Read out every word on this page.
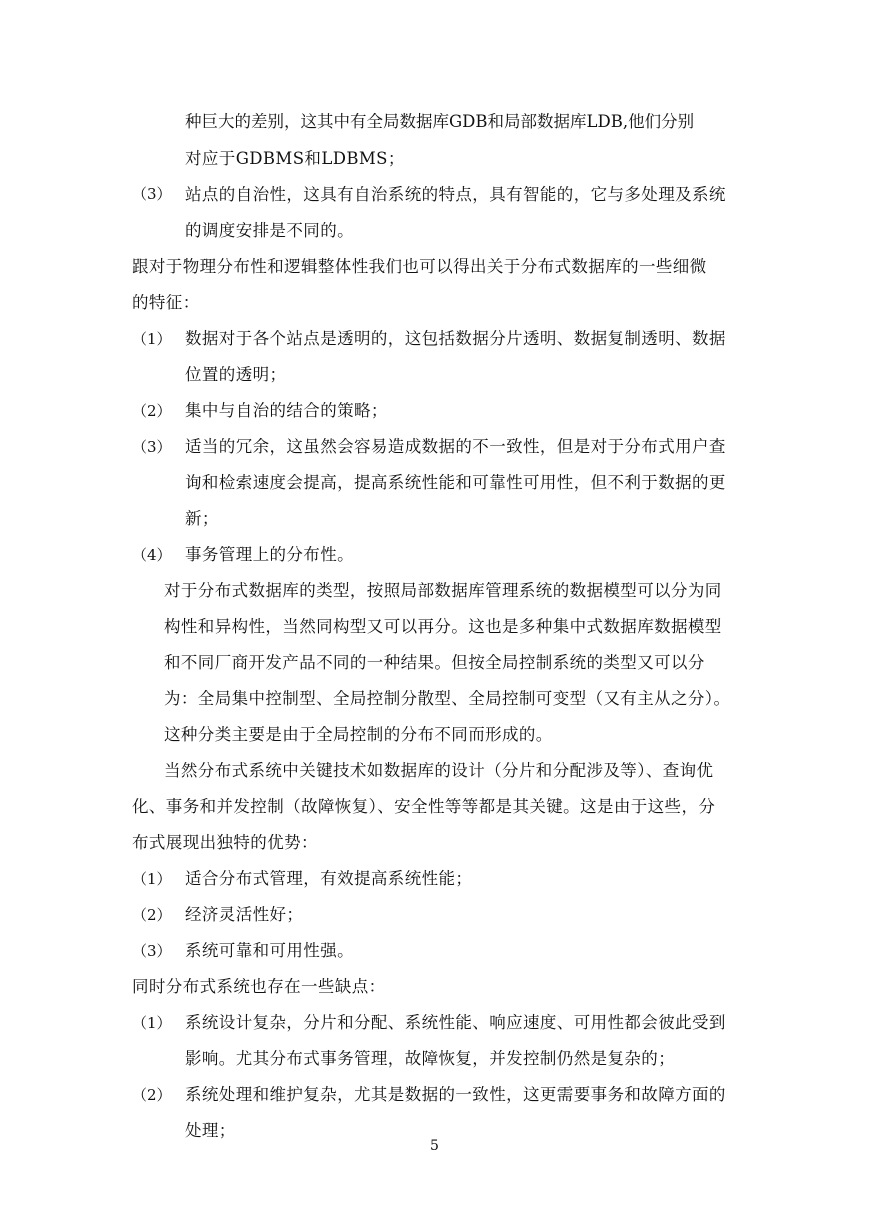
种巨大的差别，这其中有全局数据库GDB和局部数据库LDB,他们分别
对应于GDBMS和LDBMS；
（3） 站点的自治性，这具有自治系统的特点，具有智能的，它与多处理及系统
的调度安排是不同的。
跟对于物理分布性和逻辑整体性我们也可以得出关于分布式数据库的一些细微
的特征：
（1） 数据对于各个站点是透明的，这包括数据分片透明、数据复制透明、数据
位置的透明；
（2） 集中与自治的结合的策略；
（3） 适当的冗余，这虽然会容易造成数据的不一致性，但是对于分布式用户查
询和检索速度会提高，提高系统性能和可靠性可用性，但不利于数据的更
新；
（4） 事务管理上的分布性。
对于分布式数据库的类型，按照局部数据库管理系统的数据模型可以分为同
构性和异构性，当然同构型又可以再分。这也是多种集中式数据库数据模型
和不同厂商开发产品不同的一种结果。但按全局控制系统的类型又可以分
为：全局集中控制型、全局控制分散型、全局控制可变型（又有主从之分）。
这种分类主要是由于全局控制的分布不同而形成的。
当然分布式系统中关键技术如数据库的设计（分片和分配涉及等）、查询优
化、事务和并发控制（故障恢复）、安全性等等都是其关键。这是由于这些，分
布式展现出独特的优势：
（1） 适合分布式管理，有效提高系统性能；
（2） 经济灵活性好；
（3） 系统可靠和可用性强。
同时分布式系统也存在一些缺点：
（1） 系统设计复杂，分片和分配、系统性能、响应速度、可用性都会彼此受到
影响。尤其分布式事务管理，故障恢复，并发控制仍然是复杂的；
（2） 系统处理和维护复杂，尤其是数据的一致性，这更需要事务和故障方面的
处理；
5
